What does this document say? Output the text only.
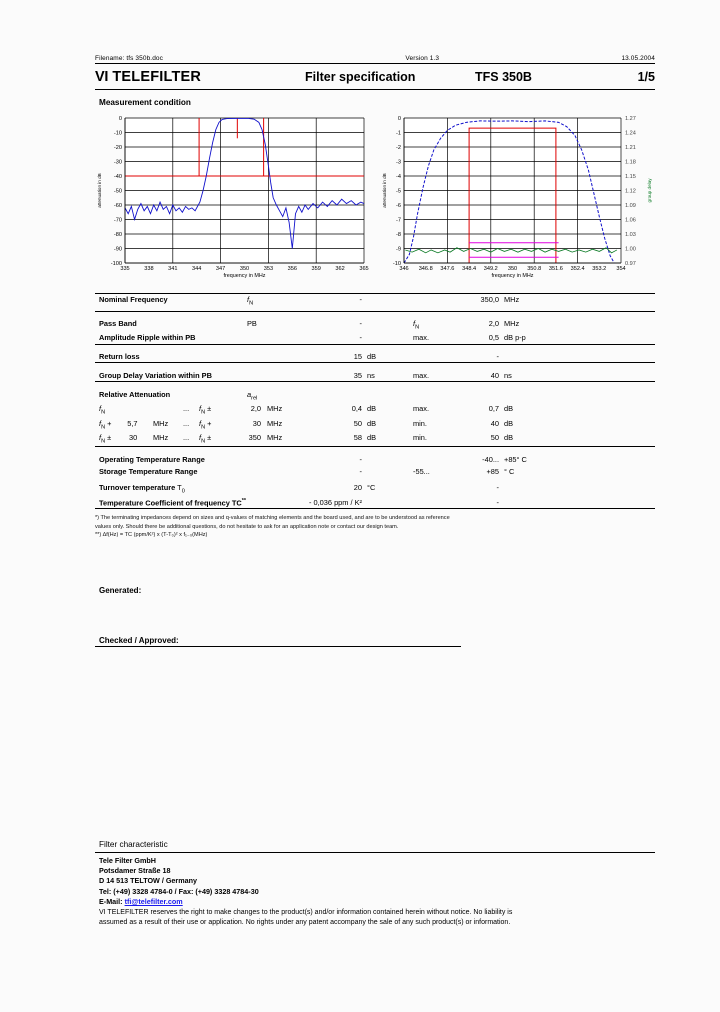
Filename: tfs 350b.doc	Version 1.3	13.05.2004
VI TELEFILTER	Filter specification	TFS 350B	1/5
Measurement condition
0
-10
-20
-30
-40
-50
-60
-70
-80
-90
-100
335	338	341	344	347	350	353	356	359	362	365
frequency in MHz
attenuation in dB
0
-1
-2
-3
-4
-5
-6
-7
-8
-9
-10
1.27
1.24
1.21
1.18
1.15
1.12
1.09
1.06
1.03
1.00
0.97
346 346.8 347.6 348.4 349.2 350 350.8 351.6 352.4 353.2 354
frequency in MHz
attenuation in dB	group delay
Nominal Frequency	$f_N$	-			350,0	MHz

Pass Band	PB	-		$f_N$	2,0	MHz
Amplitude Ripple within PB		-		max.	0,5	dB p-p

Return loss		15	dB		-	

Group Delay Variation within PB		35	ns	max.	40	ns

Relative Attenuation	$a_{rel}$					
$f_N$ ... $f_N \pm 2,0$ MHz		0,4	dB	max.	0,7	dB
$f_N + 5,7$ MHz ... $f_N + 30$ MHz		50	dB	min.	40	dB
$f_N \pm 30$ MHz ... $f_N \pm 350$ MHz		58	dB	min.	50	dB

Operating Temperature Range		-			-40...	+85° C
Storage Temperature Range		-		-55...	+85	° C

Turnover temperature $T_0$		20	°C		-	
Temperature Coefficient of frequency TC**		- 0,036 ppm / K²			-	

*) The terminating impedances depend on sizes and q-values of matching elements and the board used, and are to be understood as reference

values only. Should there be additional questions, do not hesitate to ask for an application note or contact our design team.

**) ∆f(Hz) = TC (ppm/K²) x (T-T₀)² x f₁₋₀(MHz)

Generated:
Checked / Approved:
Filter characteristic
Tele Filter GmbH
Potsdamer Straße 18
D 14 513 TELTOW / Germany
Tel: (+49) 3328 4784-0 / Fax: (+49) 3328 4784-30
E-Mail: tfi@telefilter.com
VI TELEFILTER reserves the right to make changes to the product(s) and/or information contained herein without notice. No liability is
assumed as a result of their use or application. No rights under any patent accompany the sale of any such product(s) or information.
